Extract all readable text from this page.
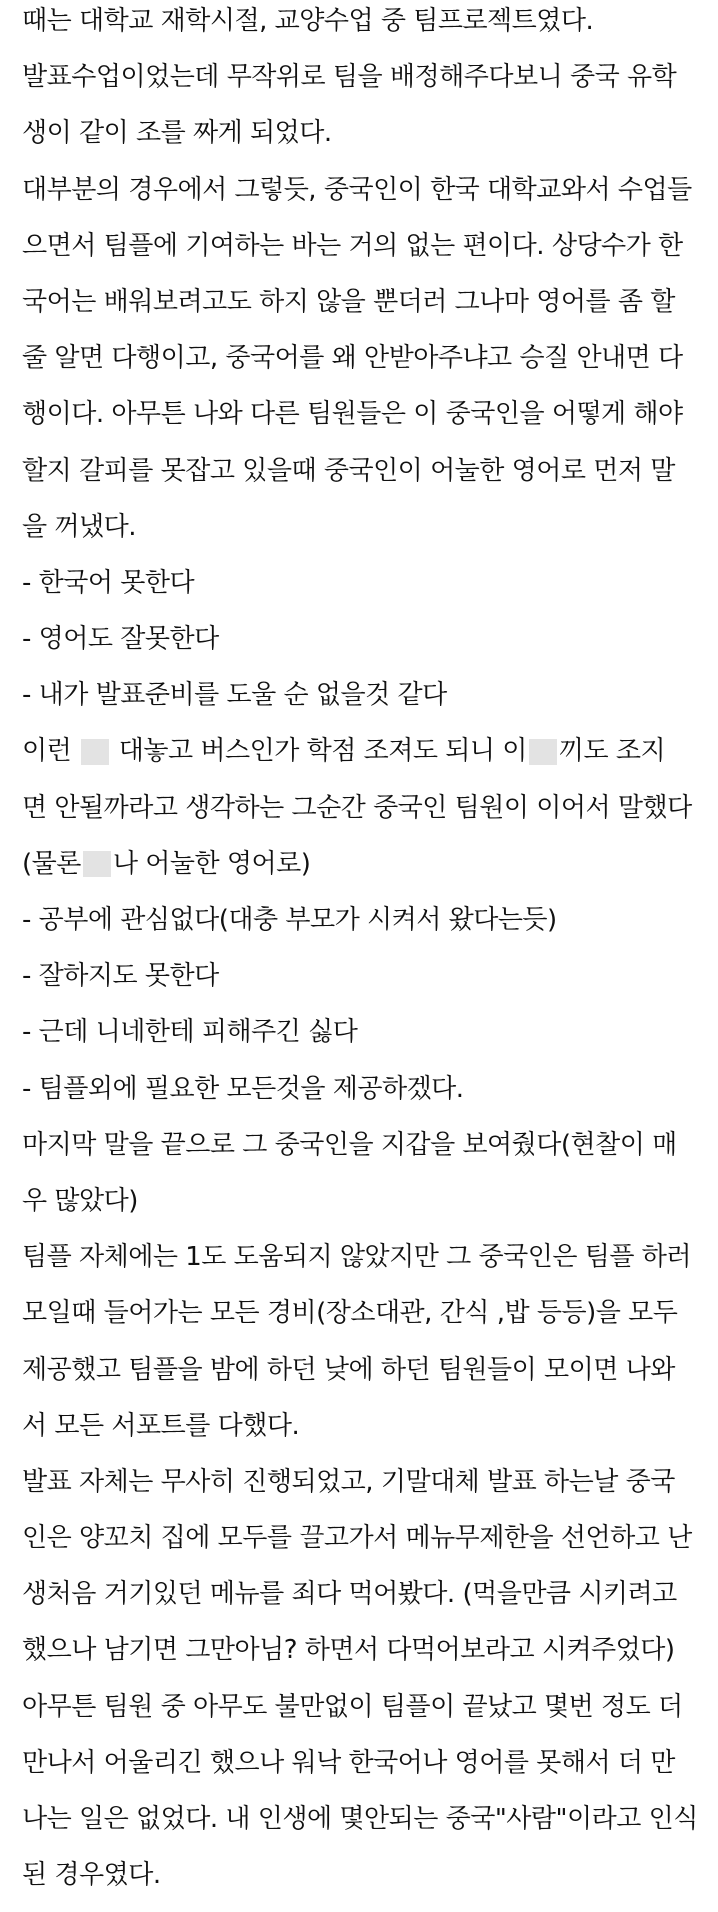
때는 대학교 재학시절, 교양수업 중 팀프로젝트였다.
발표수업이었는데 무작위로 팀을 배정해주다보니 중국 유학
생이 같이 조를 짜게 되었다.
대부분의 경우에서 그렇듯, 중국인이 한국 대학교와서 수업들
으면서 팀플에 기여하는 바는 거의 없는 편이다. 상당수가 한
국어는 배워보려고도 하지 않을 뿐더러 그나마 영어를 좀 할
줄 알면 다행이고, 중국어를 왜 안받아주냐고 승질 안내면 다
행이다. 아무튼 나와 다른 팀원들은 이 중국인을 어떻게 해야
할지 갈피를 못잡고 있을때 중국인이 어눌한 영어로 먼저 말
을 꺼냈다.
- 한국어 못한다
- 영어도 잘못한다
- 내가 발표준비를 도울 순 없을것 같다
이런 대놓고 버스인가 학점 조져도 되니 이 끼도 조지
면 안될까라고 생각하는 그순간 중국인 팀원이 이어서 말했다
(물론 나 어눌한 영어로)
- 공부에 관심없다(대충 부모가 시켜서 왔다는듯)
- 잘하지도 못한다
- 근데 니네한테 피해주긴 싫다
- 팀플외에 필요한 모든것을 제공하겠다.
마지막 말을 끝으로 그 중국인을 지갑을 보여줬다(현찰이 매
우 많았다)
팀플 자체에는 1도 도움되지 않았지만 그 중국인은 팀플 하러
모일때 들어가는 모든 경비(장소대관, 간식 ,밥 등등)을 모두
제공했고 팀플을 밤에 하던 낮에 하던 팀원들이 모이면 나와
서 모든 서포트를 다했다.
발표 자체는 무사히 진행되었고, 기말대체 발표 하는날 중국
인은 양꼬치 집에 모두를 끌고가서 메뉴무제한을 선언하고 난
생처음 거기있던 메뉴를 죄다 먹어봤다. (먹을만큼 시키려고
했으나 남기면 그만아님? 하면서 다먹어보라고 시켜주었다)
아무튼 팀원 중 아무도 불만없이 팀플이 끝났고 몇번 정도 더
만나서 어울리긴 했으나 워낙 한국어나 영어를 못해서 더 만
나는 일은 없었다. 내 인생에 몇안되는 중국"사람"이라고 인식
된 경우였다.
